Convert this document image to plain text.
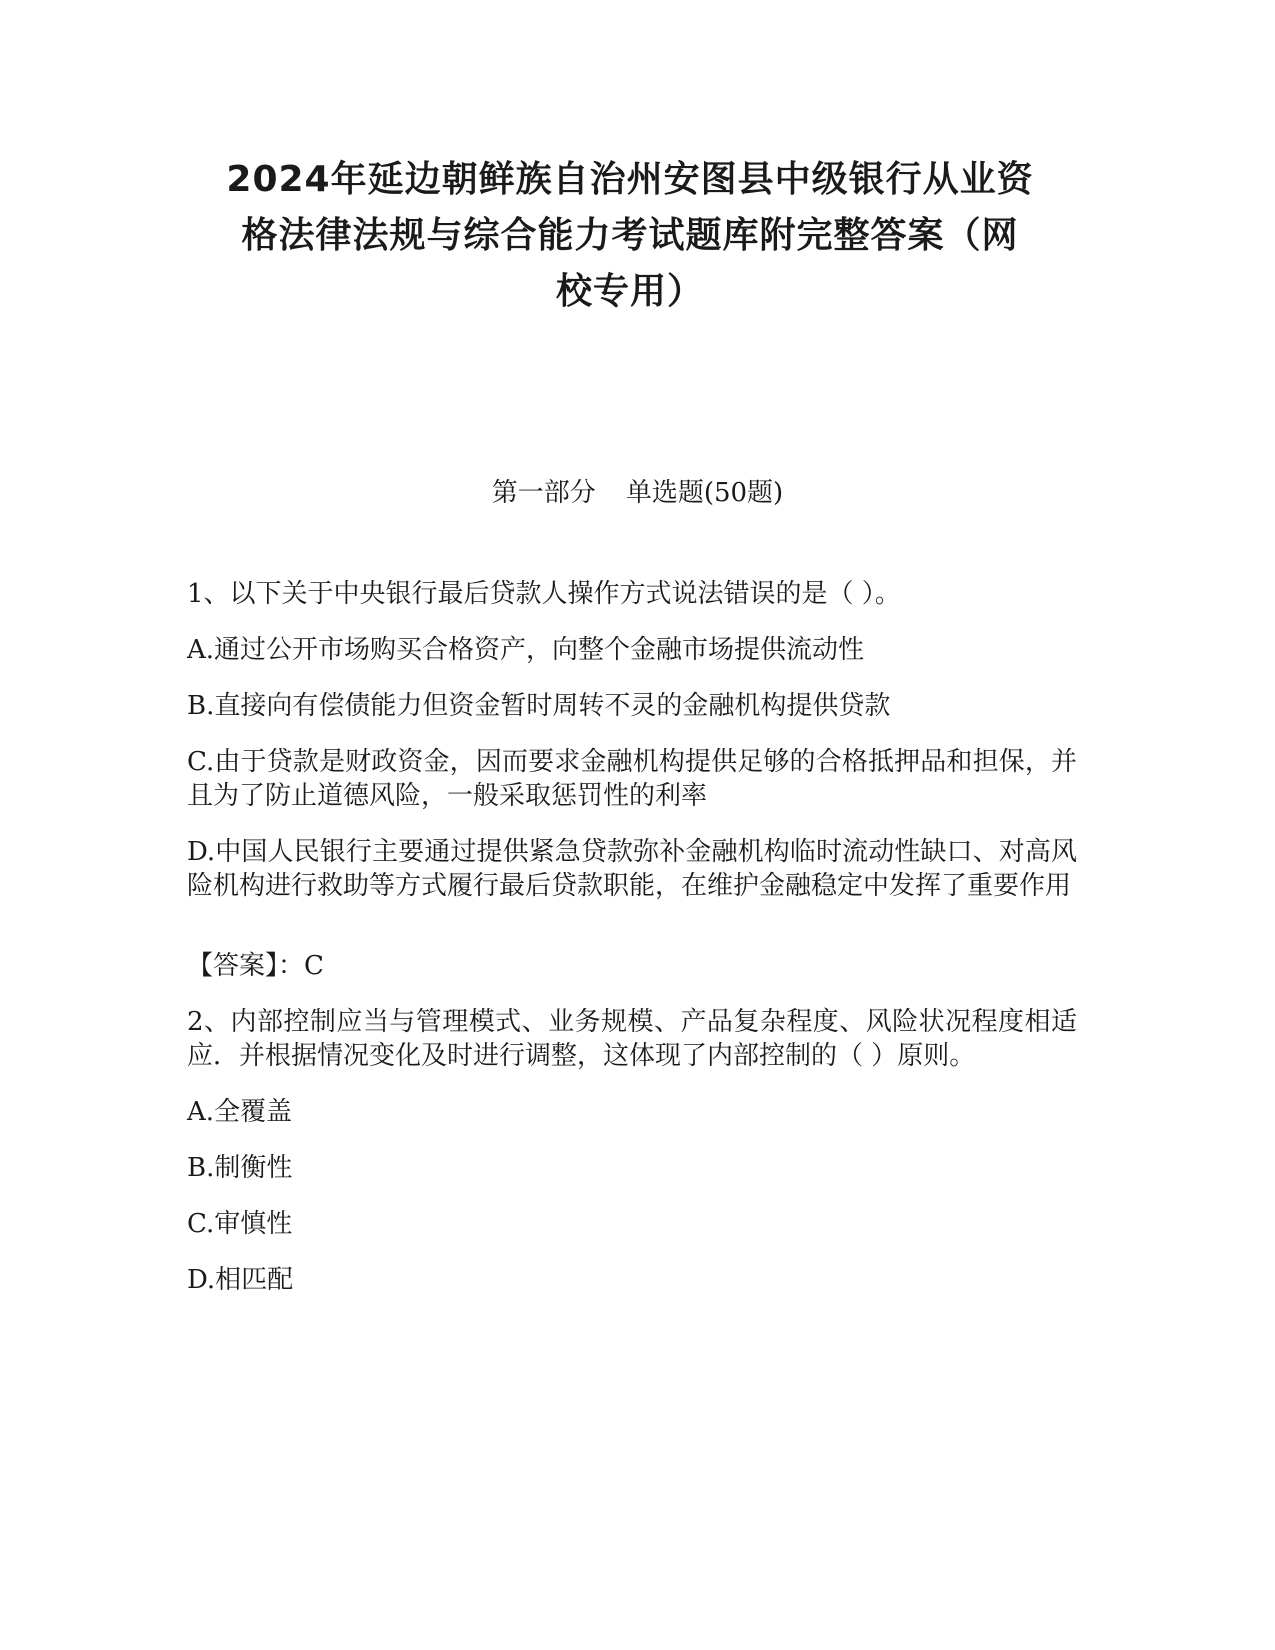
2024年延边朝鲜族自治州安图县中级银行从业资
格法律法规与综合能力考试题库附完整答案（网
校专用）

第一部分 单选题(50题)

1、以下关于中央银行最后贷款人操作方式说法错误的是（ ）。

A.通过公开市场购买合格资产，向整个金融市场提供流动性

B.直接向有偿债能力但资金暂时周转不灵的金融机构提供贷款

C.由于贷款是财政资金，因而要求金融机构提供足够的合格抵押品和担保，并且为了防止道德风险，一般采取惩罚性的利率

D.中国人民银行主要通过提供紧急贷款弥补金融机构临时流动性缺口、对高风险机构进行救助等方式履行最后贷款职能，在维护金融稳定中发挥了重要作用

【答案】：C

2、内部控制应当与管理模式、业务规模、产品复杂程度、风险状况程度相适应．并根据情况变化及时进行调整，这体现了内部控制的（ ）原则。

A.全覆盖

B.制衡性

C.审慎性

D.相匹配
